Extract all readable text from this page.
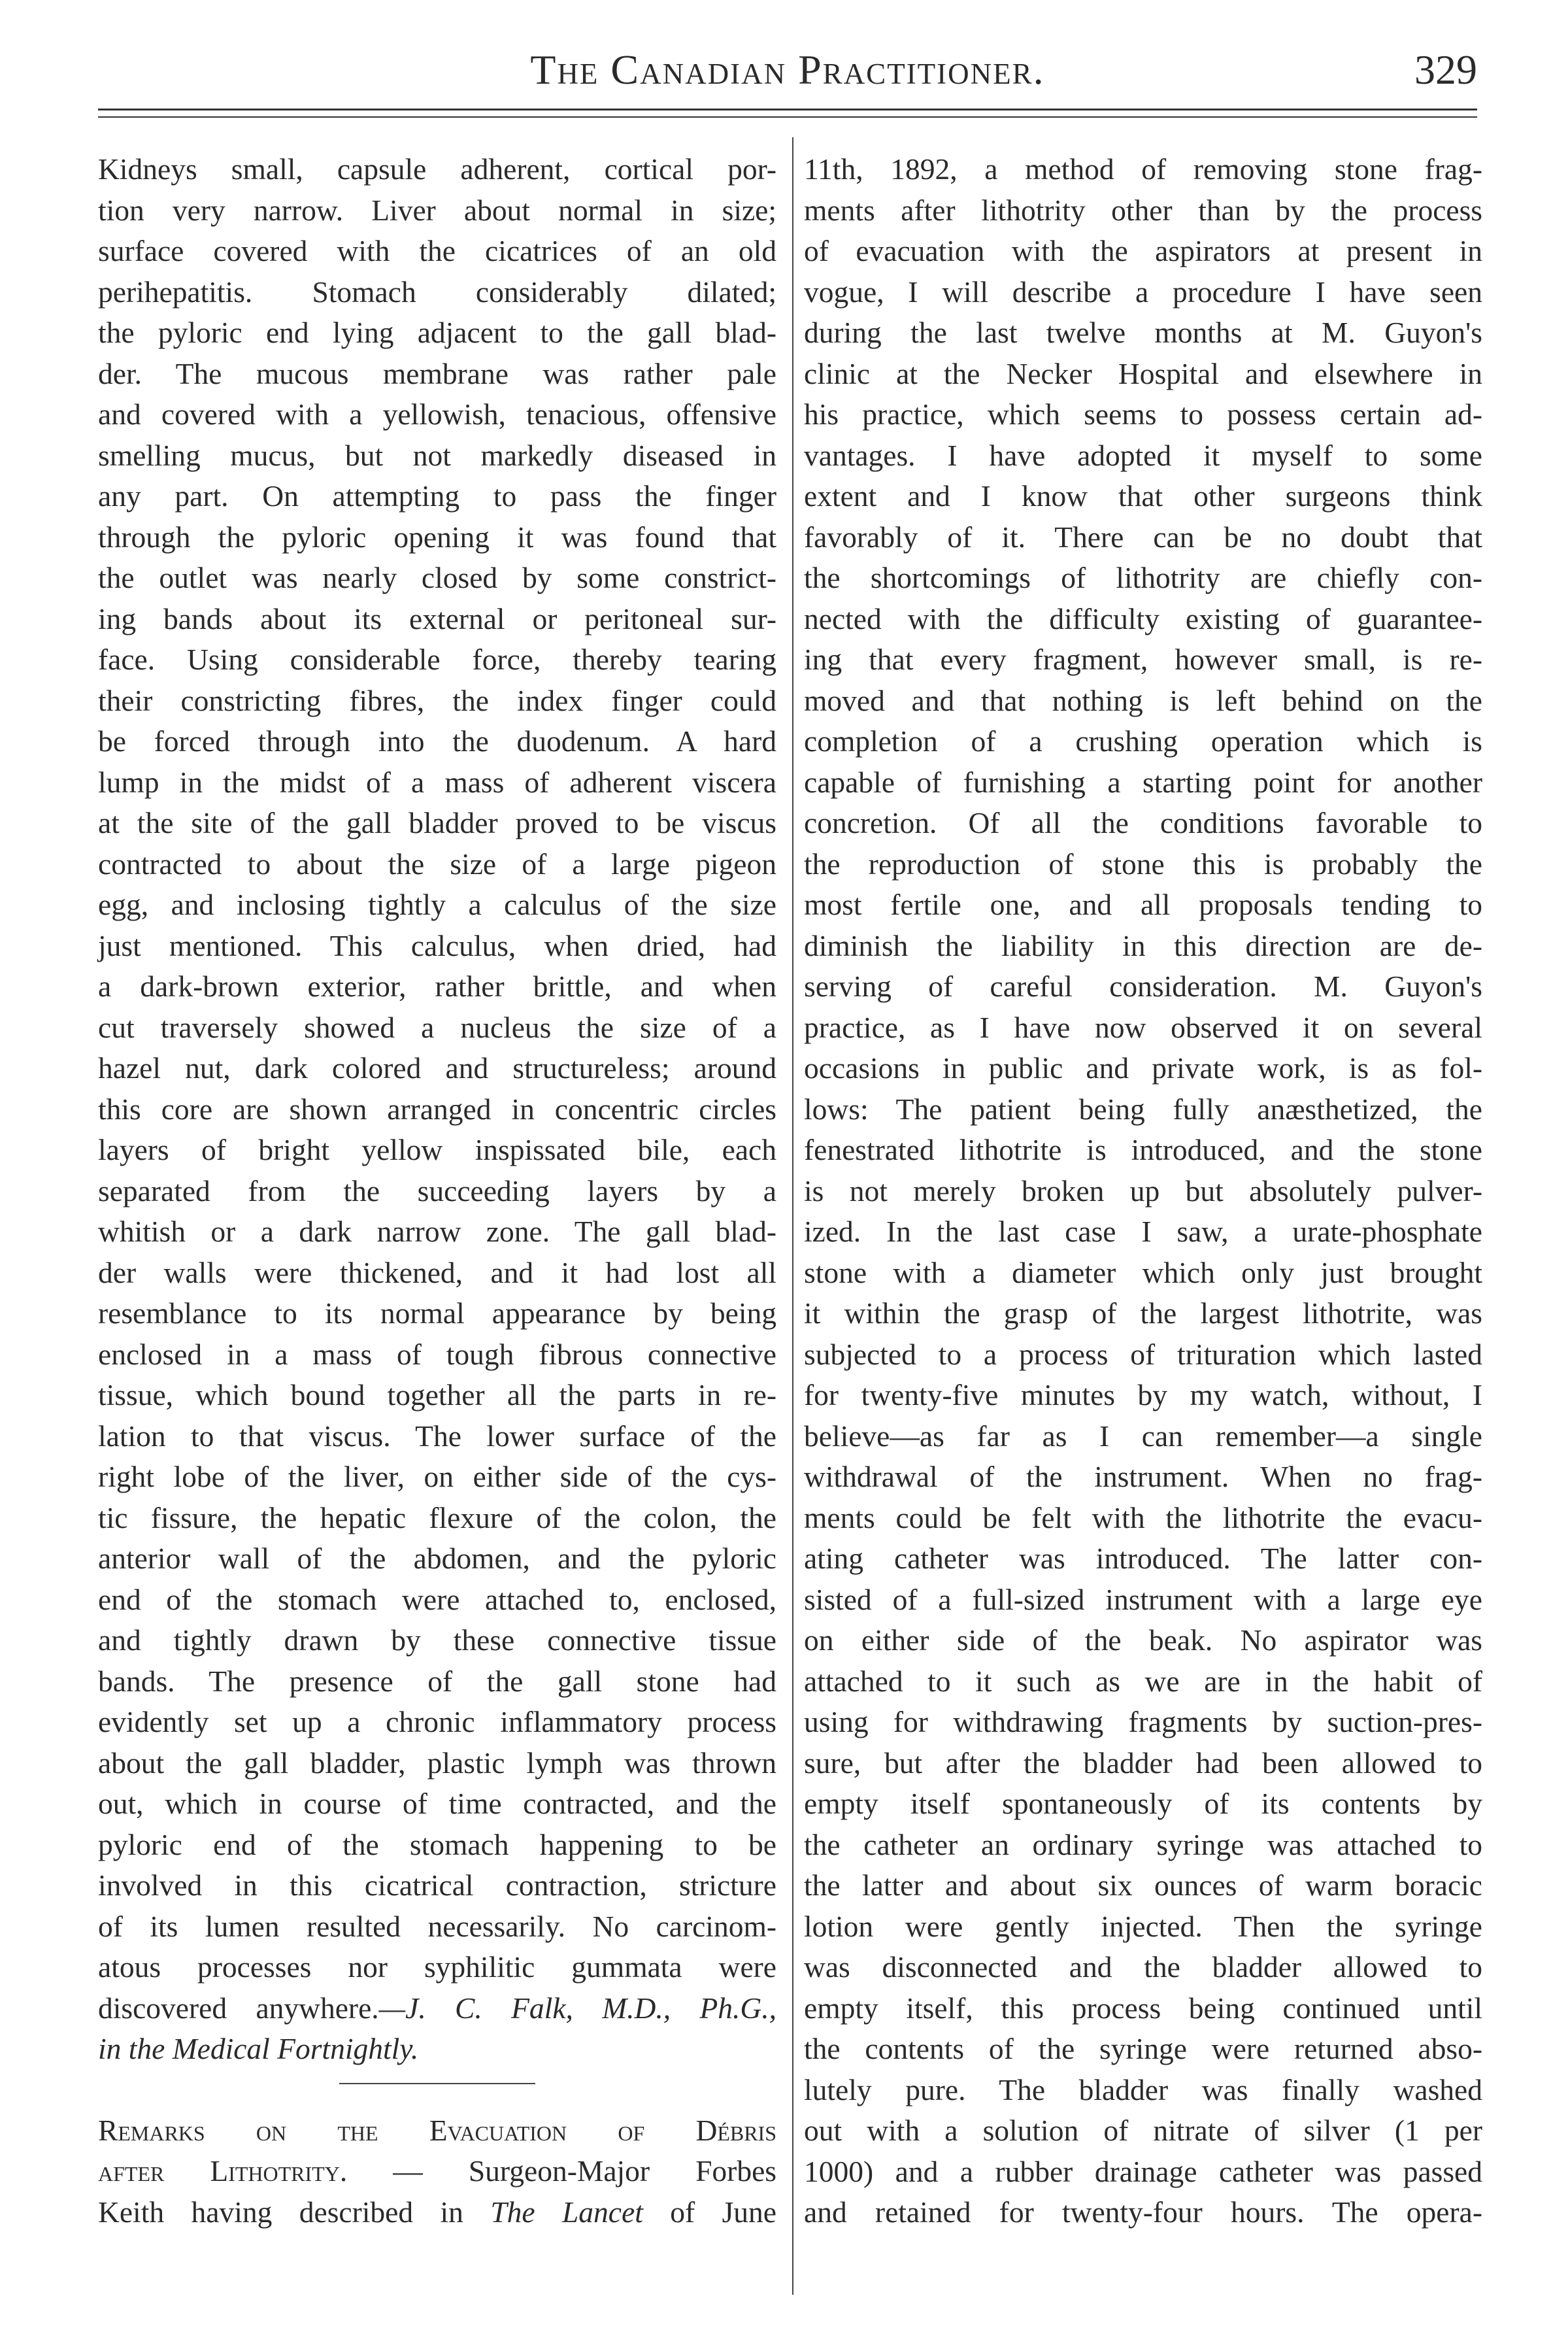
The Canadian Practitioner.	329
Kidneys small, capsule adherent, cortical por-
tion very narrow. Liver about normal in size;
surface covered with the cicatrices of an old
perihepatitis. Stomach considerably dilated;
the pyloric end lying adjacent to the gall blad-
der. The mucous membrane was rather pale
and covered with a yellowish, tenacious, offensive
smelling mucus, but not markedly diseased in
any part. On attempting to pass the finger
through the pyloric opening it was found that
the outlet was nearly closed by some constrict-
ing bands about its external or peritoneal sur-
face. Using considerable force, thereby tearing
their constricting fibres, the index finger could
be forced through into the duodenum. A hard
lump in the midst of a mass of adherent viscera
at the site of the gall bladder proved to be viscus
contracted to about the size of a large pigeon
egg, and inclosing tightly a calculus of the size
just mentioned. This calculus, when dried, had
a dark-brown exterior, rather brittle, and when
cut traversely showed a nucleus the size of a
hazel nut, dark colored and structureless; around
this core are shown arranged in concentric circles
layers of bright yellow inspissated bile, each
separated from the succeeding layers by a
whitish or a dark narrow zone. The gall blad-
der walls were thickened, and it had lost all
resemblance to its normal appearance by being
enclosed in a mass of tough fibrous connective
tissue, which bound together all the parts in re-
lation to that viscus. The lower surface of the
right lobe of the liver, on either side of the cys-
tic fissure, the hepatic flexure of the colon, the
anterior wall of the abdomen, and the pyloric
end of the stomach were attached to, enclosed,
and tightly drawn by these connective tissue
bands. The presence of the gall stone had
evidently set up a chronic inflammatory process
about the gall bladder, plastic lymph was thrown
out, which in course of time contracted, and the
pyloric end of the stomach happening to be
involved in this cicatrical contraction, stricture
of its lumen resulted necessarily. No carcinom-
atous processes nor syphilitic gummata were
discovered anywhere.—J. C. Falk, M.D., Ph.G.,
in the Medical Fortnightly.
Remarks on the Evacuation of Débris
after Lithotrity. — Surgeon-Major Forbes
Keith having described in The Lancet of June
11th, 1892, a method of removing stone frag-
ments after lithotrity other than by the process
of evacuation with the aspirators at present in
vogue, I will describe a procedure I have seen
during the last twelve months at M. Guyon's
clinic at the Necker Hospital and elsewhere in
his practice, which seems to possess certain ad-
vantages. I have adopted it myself to some
extent and I know that other surgeons think
favorably of it. There can be no doubt that
the shortcomings of lithotrity are chiefly con-
nected with the difficulty existing of guarantee-
ing that every fragment, however small, is re-
moved and that nothing is left behind on the
completion of a crushing operation which is
capable of furnishing a starting point for another
concretion. Of all the conditions favorable to
the reproduction of stone this is probably the
most fertile one, and all proposals tending to
diminish the liability in this direction are de-
serving of careful consideration. M. Guyon's
practice, as I have now observed it on several
occasions in public and private work, is as fol-
lows: The patient being fully anæsthetized, the
fenestrated lithotrite is introduced, and the stone
is not merely broken up but absolutely pulver-
ized. In the last case I saw, a urate-phosphate
stone with a diameter which only just brought
it within the grasp of the largest lithotrite, was
subjected to a process of trituration which lasted
for twenty-five minutes by my watch, without, I
believe—as far as I can remember—a single
withdrawal of the instrument. When no frag-
ments could be felt with the lithotrite the evacu-
ating catheter was introduced. The latter con-
sisted of a full-sized instrument with a large eye
on either side of the beak. No aspirator was
attached to it such as we are in the habit of
using for withdrawing fragments by suction-pres-
sure, but after the bladder had been allowed to
empty itself spontaneously of its contents by
the catheter an ordinary syringe was attached to
the latter and about six ounces of warm boracic
lotion were gently injected. Then the syringe
was disconnected and the bladder allowed to
empty itself, this process being continued until
the contents of the syringe were returned abso-
lutely pure. The bladder was finally washed
out with a solution of nitrate of silver (1 per
1000) and a rubber drainage catheter was passed
and retained for twenty-four hours. The opera-
